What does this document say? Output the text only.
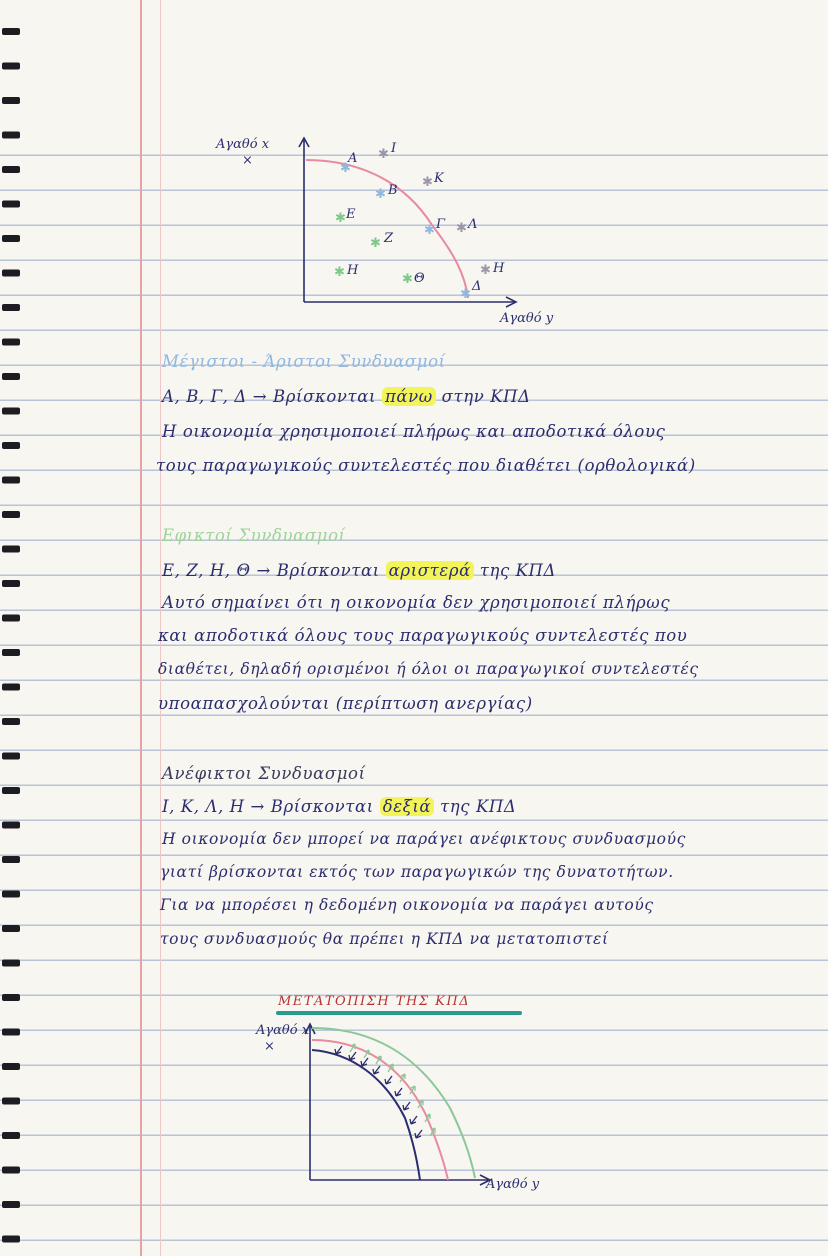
Αγαθό x
×
Αγαθό y
✱
A
✱ B
✱ Γ
✱
Δ
✱ E
✱ Z
✱ H
✱ Θ
✱ I
✱ K
✱ Λ
✱ H
Μέγιστοι - Άριστοι Συνδυασμοί
A, B, Γ, Δ → Βρίσκονται πάνω στην ΚΠΔ
Η οικονομία χρησιμοποιεί πλήρως και αποδοτικά όλους
τους παραγωγικούς συντελεστές που διαθέτει (ορθολογικά)
Εφικτοί Συνδυασμοί
E, Z, H, Θ → Βρίσκονται αριστερά της ΚΠΔ
Αυτό σημαίνει ότι η οικονομία δεν χρησιμοποιεί πλήρως
και αποδοτικά όλους τους παραγωγικούς συντελεστές που
διαθέτει, δηλαδή ορισμένοι ή όλοι οι παραγωγικοί συντελεστές
υποαπασχολούνται (περίπτωση ανεργίας)
Ανέφικτοι Συνδυασμοί
I, K, Λ, H → Βρίσκονται δεξιά της ΚΠΔ
Η οικονομία δεν μπορεί να παράγει ανέφικτους συνδυασμούς
γιατί βρίσκονται εκτός των παραγωγικών της δυνατοτήτων.
Για να μπορέσει η δεδομένη οικονομία να παράγει αυτούς
τους συνδυασμούς θα πρέπει η ΚΠΔ να μετατοπιστεί
ΜΕΤΑΤΟΠΙΣΗ ΤΗΣ ΚΠΔ
Αγαθό x
×
Αγαθό y
